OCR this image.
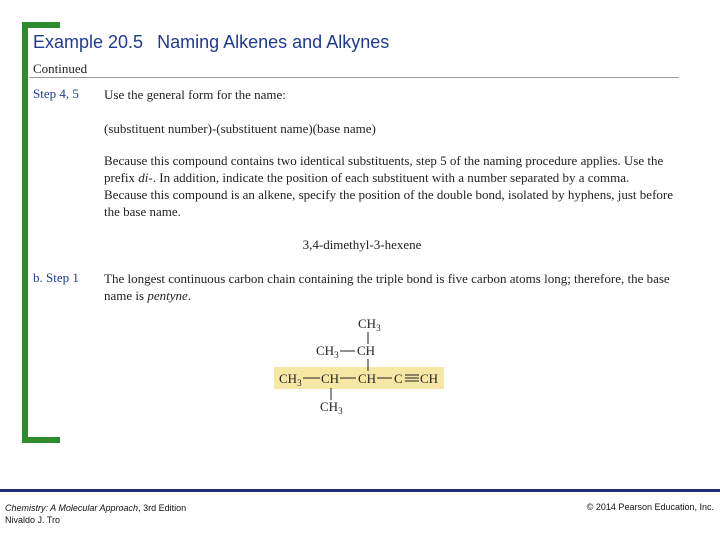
Example 20.5 Naming Alkenes and Alkynes
Continued
Step 4, 5 Use the general form for the name:
(substituent number)-(substituent name)(base name)
Because this compound contains two identical substituents, step 5 of the naming procedure applies. Use the prefix di-. In addition, indicate the position of each substituent with a number separated by a comma. Because this compound is an alkene, specify the position of the double bond, isolated by hyphens, just before the base name.
3,4-dimethyl-3-hexene
b. Step 1 The longest continuous carbon chain containing the triple bond is five carbon atoms long; therefore, the base name is pentyne.
$CH_3$
$CH_3$ CH
$CH_3$ CH CH C CH
$CH_3$
Chemistry: A Molecular Approach, 3rd Edition
Nivaldo J. Tro
© 2014 Pearson Education, Inc.
